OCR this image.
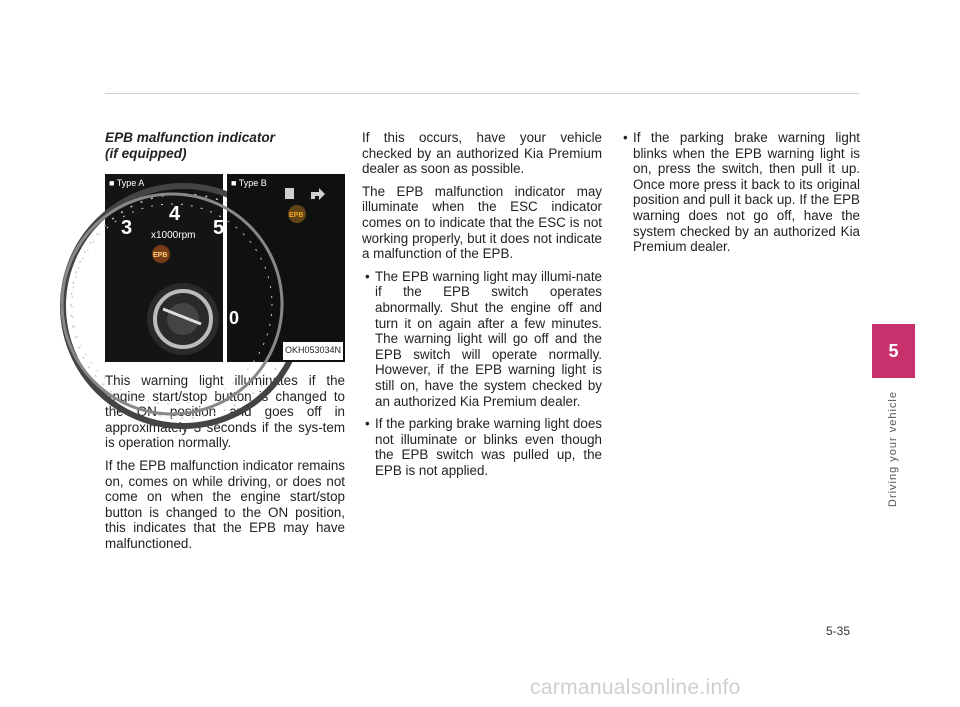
EPB malfunction indicator
(if equipped)
3
4
5
x1000rpm
EPB
■ Type A
0
EPB
■ Type B
OKH053034N

This warning light illuminates if the engine start/stop button is changed to the ON position and goes off in approximately 3 seconds if the sys-tem is operation normally.

If the EPB malfunction indicator remains on, comes on while driving, or does not come on when the engine start/stop button is changed to the ON position, this indicates that the EPB may have malfunctioned.

If this occurs, have your vehicle checked by an authorized Kia Premium dealer as soon as possible.

The EPB malfunction indicator may illuminate when the ESC indicator comes on to indicate that the ESC is not working properly, but it does not indicate a malfunction of the EPB.

• The EPB warning light may illumi-nate if the EPB switch operates abnormally. Shut the engine off and turn it on again after a few minutes. The warning light will go off and the EPB switch will operate normally. However, if the EPB warning light is still on, have the system checked by an authorized Kia Premium dealer.
• If the parking brake warning light does not illuminate or blinks even though the EPB switch was pulled up, the EPB is not applied.
• If the parking brake warning light blinks when the EPB warning light is on, press the switch, then pull it up. Once more press it back to its original position and pull it back up. If the EPB warning does not go off, have the system checked by an authorized Kia Premium dealer.
5
Driving your vehicle
5-35
carmanualsonline.info
